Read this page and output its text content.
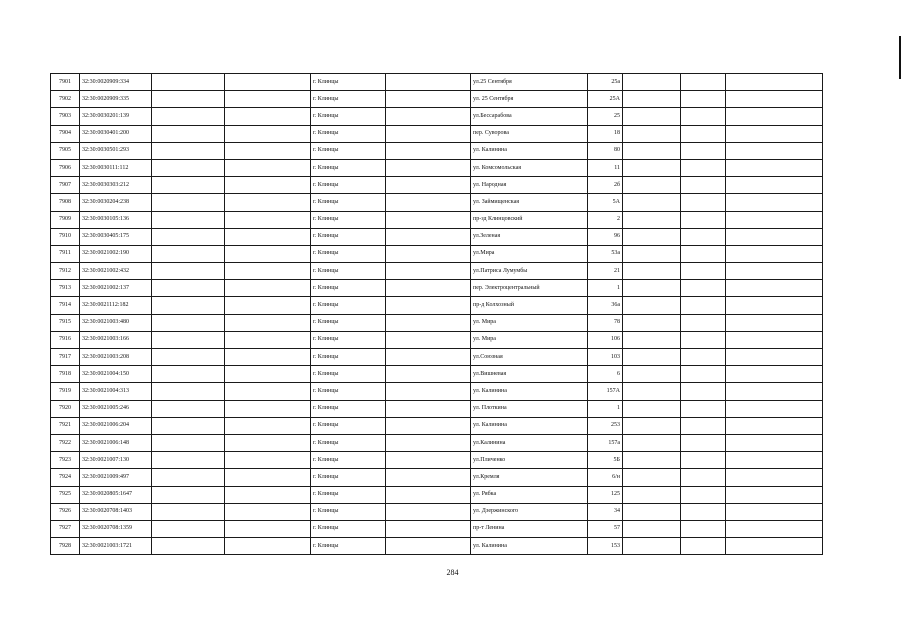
7901	32:30:0020909:334			г. Клинцы		ул.25 Сентября	25а			
7902	32:30:0020909:335			г. Клинцы		ул. 25 Сентября	25А			
7903	32:30:0030201:139			г. Клинцы		ул.Бессарабова	25			
7904	32:30:0030401:200			г. Клинцы		пер. Суворова	18			
7905	32:30:0030501:293			г. Клинцы		ул. Калинина	80			
7906	32:30:0030111:112			г. Клинцы		ул. Комсомольская	11			
7907	32:30:0030303:212			г. Клинцы		ул. Народная	2б			
7908	32:30:0030204:238			г. Клинцы		ул. Займищенская	5А			
7909	32:30:0030105:136			г. Клинцы		пр-зд Клинцовский	2			
7910	32:30:0030405:175			г. Клинцы		ул.Зеленая	96			
7911	32:30:0021002:190			г. Клинцы		ул.Мира	53а			
7912	32:30:0021002:432			г. Клинцы		ул.Патриса Лумумбы	21			
7913	32:30:0021002:137			г. Клинцы		пер. Электроцентральный	1			
7914	32:30:0021112:182			г. Клинцы		пр-д Колхозный	36а			
7915	32:30:0021003:480			г. Клинцы		ул. Мира	78			
7916	32:30:0021003:166			г. Клинцы		ул. Мира	106			
7917	32:30:0021003:208			г. Клинцы		ул.Союзная	103			
7918	32:30:0021004:150			г. Клинцы		ул.Вишневая	6			
7919	32:30:0021004:313			г. Клинцы		ул. Калинина	157А			
7920	32:30:0021005:246			г. Клинцы		ул. Плоткина	1			
7921	32:30:0021006:204			г. Клинцы		ул. Калинина	253			
7922	32:30:0021006:148			г. Клинцы		ул.Калинина	157а			
7923	32:30:0021007:130			г. Клинцы		ул.Пличенко	5Б			
7924	32:30:0021009:497			г. Клинцы		ул.Кремля	6/н			
7925	32:30:0020805:1647			г. Клинцы		ул. Рябка	125			
7926	32:30:0020708:1403			г. Клинцы		ул. Дзержинского	34			
7927	32:30:0020708:1359			г. Клинцы		пр-т Ленина	57			
7928	32:30:0021003:1721			г. Клинцы		ул. Калинина	153			
284
